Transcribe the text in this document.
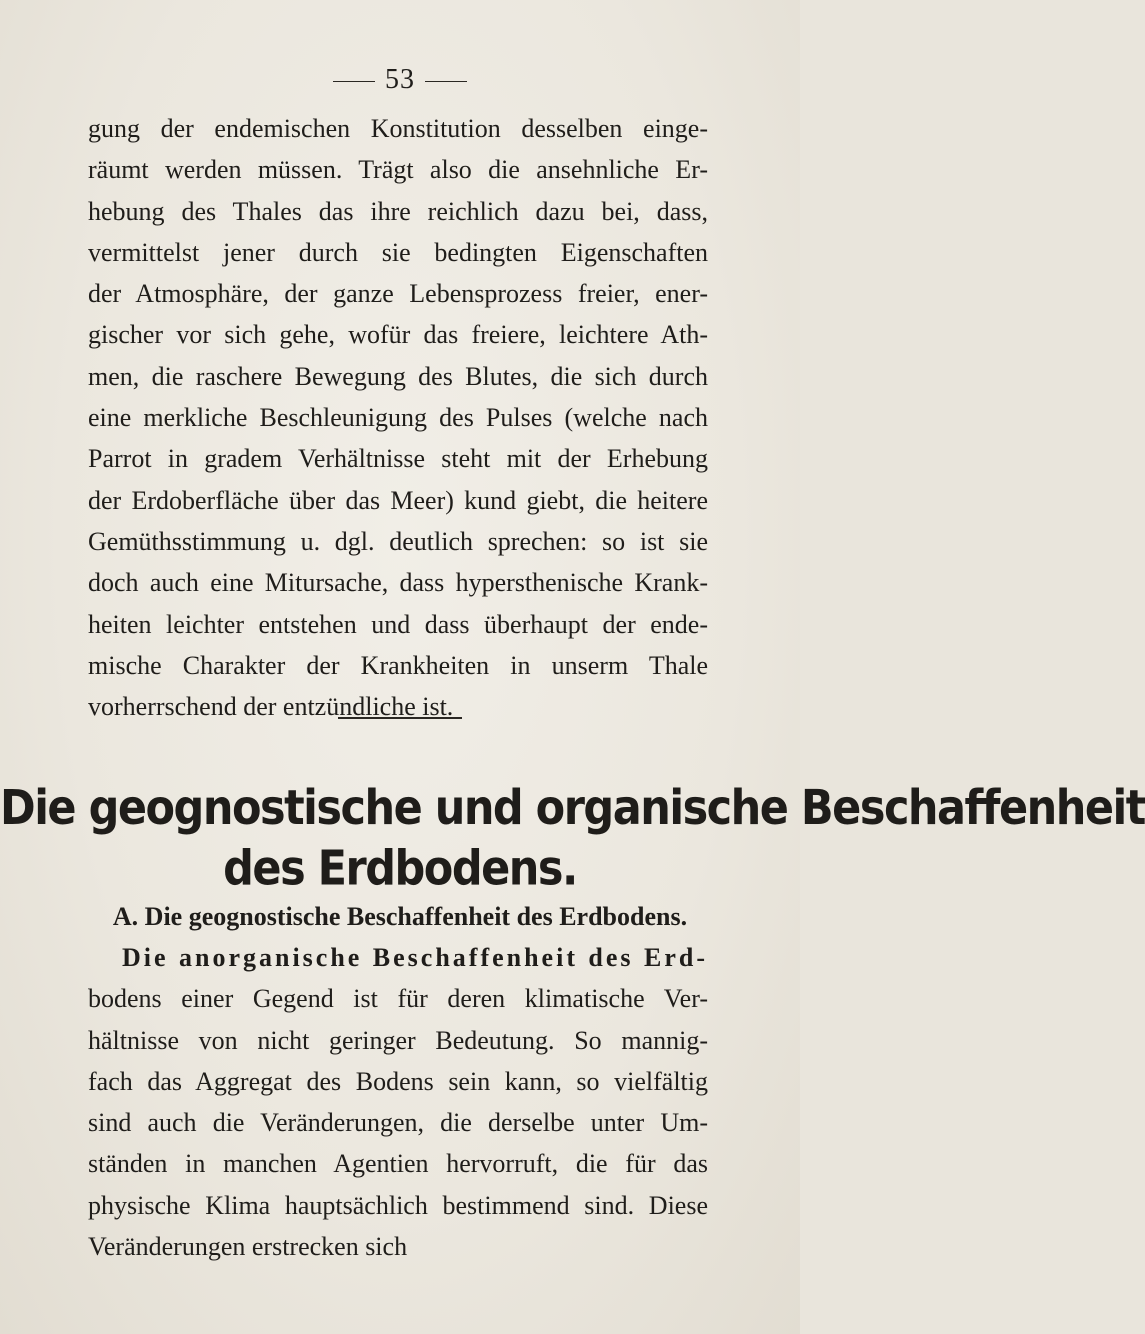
53
gung der endemischen Konstitution desselben einge-
räumt werden müssen. Trägt also die ansehnliche Er-
hebung des Thales das ihre reichlich dazu bei, dass,
vermittelst jener durch sie bedingten Eigenschaften
der Atmosphäre, der ganze Lebensprozess freier, ener-
gischer vor sich gehe, wofür das freiere, leichtere Ath-
men, die raschere Bewegung des Blutes, die sich durch
eine merkliche Beschleunigung des Pulses (welche nach
Parrot in gradem Verhältnisse steht mit der Erhebung
der Erdoberfläche über das Meer) kund giebt, die heitere
Gemüthsstimmung u. dgl. deutlich sprechen: so ist sie
doch auch eine Mitursache, dass hypersthenische Krank-
heiten leichter entstehen und dass überhaupt der ende-
mische Charakter der Krankheiten in unserm Thale
vorherrschend der entzündliche ist.
Die geognostische und organische Beschaffenheit
des Erdbodens.
A. Die geognostische Beschaffenheit des Erdbodens.
Die anorganische Beschaffenheit des Erd-
bodens einer Gegend ist für deren klimatische Ver-
hältnisse von nicht geringer Bedeutung. So mannig-
fach das Aggregat des Bodens sein kann, so vielfältig
sind auch die Veränderungen, die derselbe unter Um-
ständen in manchen Agentien hervorruft, die für das
physische Klima hauptsächlich bestimmend sind. Diese
Veränderungen erstrecken sich
